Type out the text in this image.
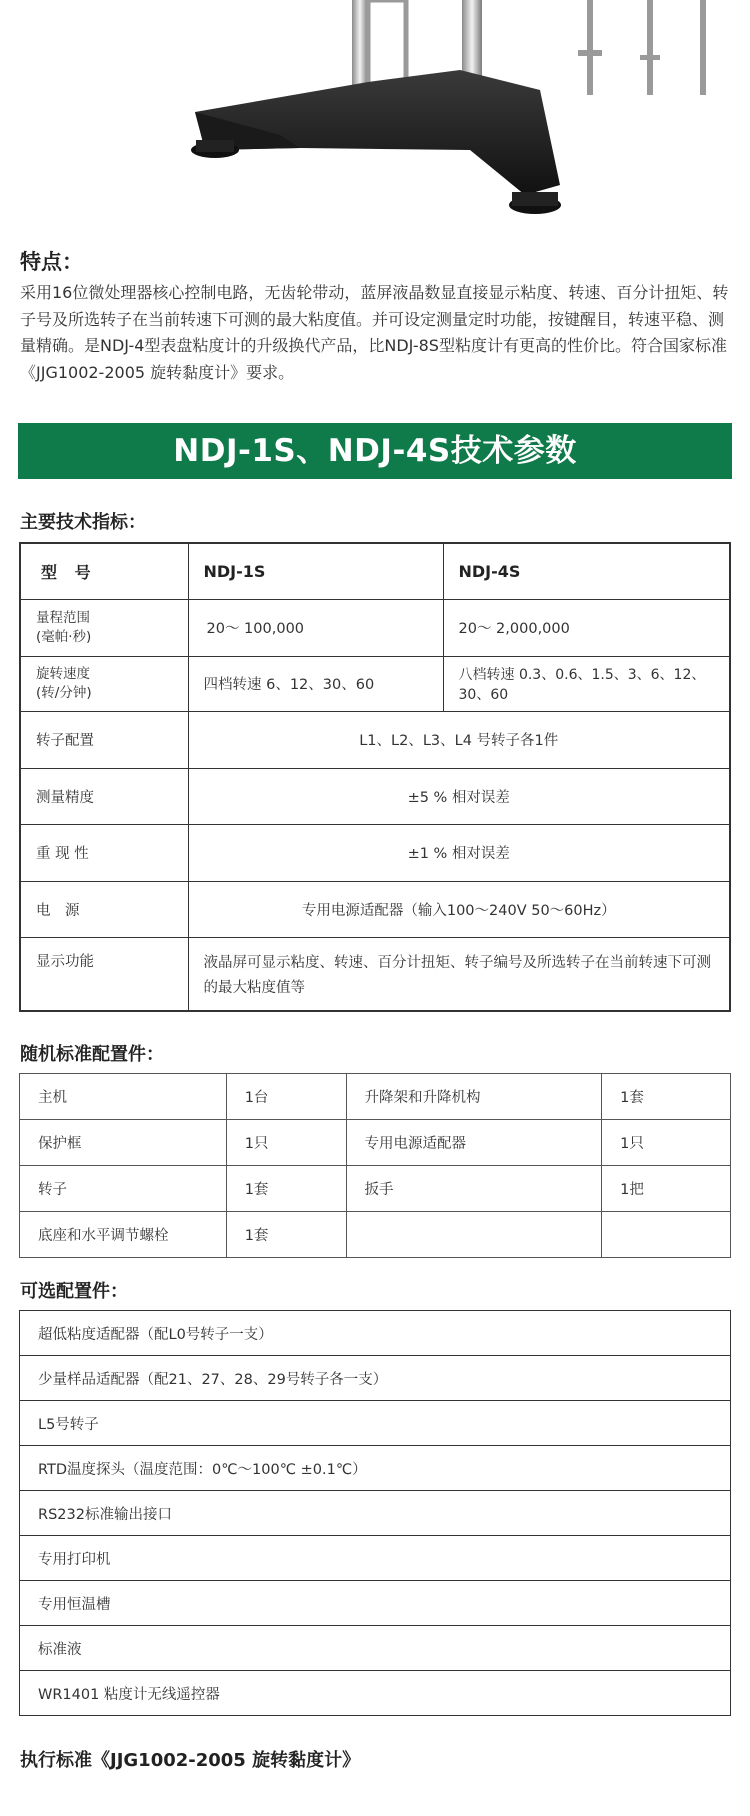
特点：

采用16位微处理器核心控制电路，无齿轮带动，蓝屏液晶数显直接显示粘度、转速、百分计扭矩、转子号及所选转子在当前转速下可测的最大粘度值。并可设定测量定时功能，按键醒目，转速平稳、测量精确。是NDJ-4型表盘粘度计的升级换代产品，比NDJ-8S型粘度计有更高的性价比。符合国家标准《JJG1002-2005 旋转黏度计》要求。

NDJ-1S、NDJ-4S技术参数
主要技术指标：
型 号	NDJ-1S	NDJ-4S

量程范围
(毫帕·秒)	20～ 100,000	20～ 2,000,000

旋转速度
(转/分钟)	四档转速 6、12、30、60	八档转速 0.3、0.6、1.5、3、6、12、30、60
转子配置	L1、L2、L3、L4 号转子各1件	
测量精度	±5 % 相对误差	
重 现 性	±1 % 相对误差	
电　源	专用电源适配器（输入100～240V 50～60Hz）	
显示功能	液晶屏可显示粘度、转速、百分计扭矩、转子编号及所选转子在当前转速下可测的最大粘度值等	
随机标准配置件：
主机	1台	升降架和升降机构	1套
保护框	1只	专用电源适配器	1只
转子	1套	扳手	1把
底座和水平调节螺栓	1套		
可选配置件：
超低粘度适配器（配L0号转子一支）
少量样品适配器（配21、27、28、29号转子各一支）
L5号转子
RTD温度探头（温度范围：0℃～100℃ ±0.1℃）
RS232标准输出接口
专用打印机
专用恒温槽
标准液
WR1401 粘度计无线遥控器
执行标准《JJG1002-2005 旋转黏度计》
